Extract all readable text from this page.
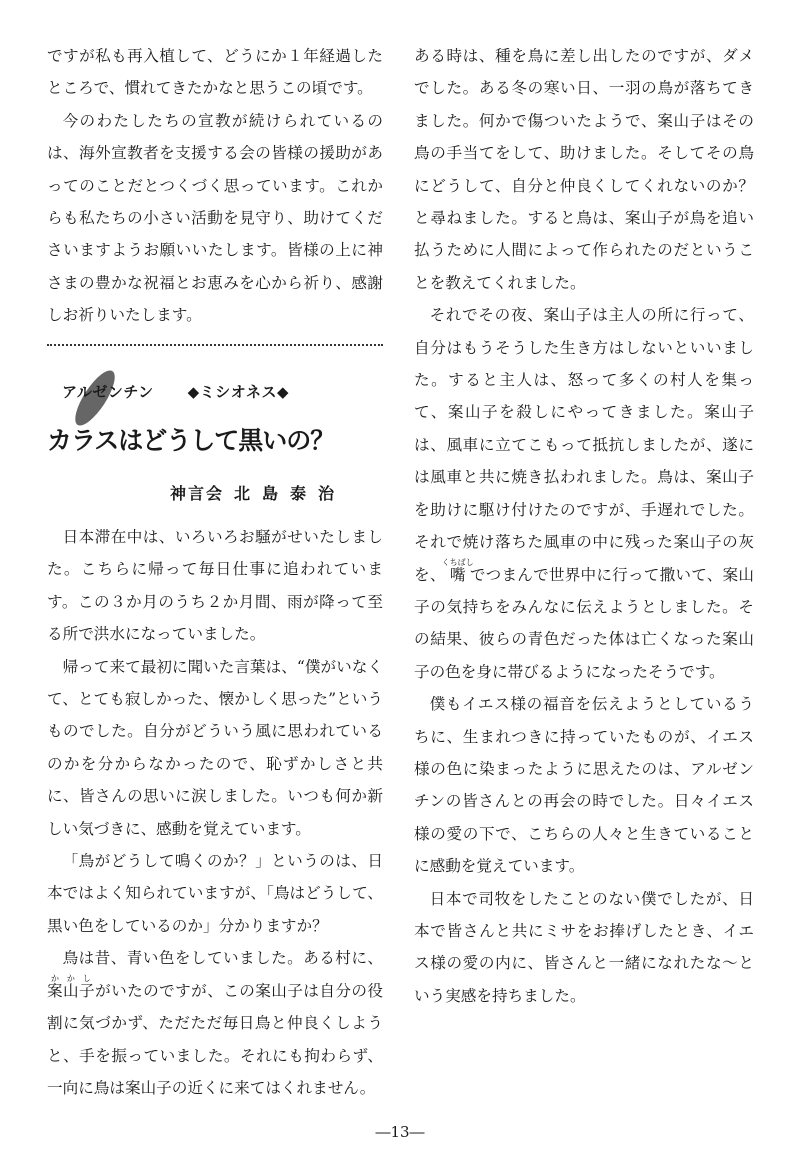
ですが私も再入植して、どうにか１年経過したところで、慣れてきたかなと思うこの頃です。

今のわたしたちの宣教が続けられているのは、海外宣教者を支援する会の皆様の援助があってのことだとつくづく思っています。これからも私たちの小さい活動を見守り、助けてくださいますようお願いいたします。皆様の上に神さまの豊かな祝福とお恵みを心から祈り、感謝しお祈りいたします。

アルゼンチン ◆ミシオネス◆
カラスはどうして黒いの？
神言会 北島泰治

日本滞在中は、いろいろお騒がせいたしました。こちらに帰って毎日仕事に追われています。この３か月のうち２か月間、雨が降って至る所で洪水になっていました。

帰って来て最初に聞いた言葉は、“僕がいなくて、とても寂しかった、懐かしく思った”というものでした。自分がどういう風に思われているのかを分からなかったので、恥ずかしさと共に、皆さんの思いに涙しました。いつも何か新しい気づきに、感動を覚えています。

「鳥がどうして鳴くのか？」というのは、日本ではよく知られていますが、「鳥はどうして、黒い色をしているのか」分かりますか？

鳥は昔、青い色をしていました。ある村に、案山子かかしがいたのですが、この案山子は自分の役割に気づかず、ただただ毎日鳥と仲良くしようと、手を振っていました。それにも拘わらず、一向に鳥は案山子の近くに来てはくれません。

ある時は、種を鳥に差し出したのですが、ダメでした。ある冬の寒い日、一羽の鳥が落ちてきました。何かで傷ついたようで、案山子はその鳥の手当てをして、助けました。そしてその鳥にどうして、自分と仲良くしてくれないのか？と尋ねました。すると鳥は、案山子が鳥を追い払うために人間によって作られたのだということを教えてくれました。

それでその夜、案山子は主人の所に行って、自分はもうそうした生き方はしないといいました。すると主人は、怒って多くの村人を集って、案山子を殺しにやってきました。案山子は、風車に立てこもって抵抗しましたが、遂には風車と共に焼き払われました。鳥は、案山子を助けに駆け付けたのですが、手遅れでした。それで焼け落ちた風車の中に残った案山子の灰を、嘴くちばしでつまんで世界中に行って撒いて、案山子の気持ちをみんなに伝えようとしました。その結果、彼らの青色だった体は亡くなった案山子の色を身に帯びるようになったそうです。

僕もイエス様の福音を伝えようとしているうちに、生まれつきに持っていたものが、イエス様の色に染まったように思えたのは、アルゼンチンの皆さんとの再会の時でした。日々イエス様の愛の下で、こちらの人々と生きていることに感動を覚えています。

日本で司牧をしたことのない僕でしたが、日本で皆さんと共にミサをお捧げしたとき、イエス様の愛の内に、皆さんと一緒になれたな～という実感を持ちました。

―13―
